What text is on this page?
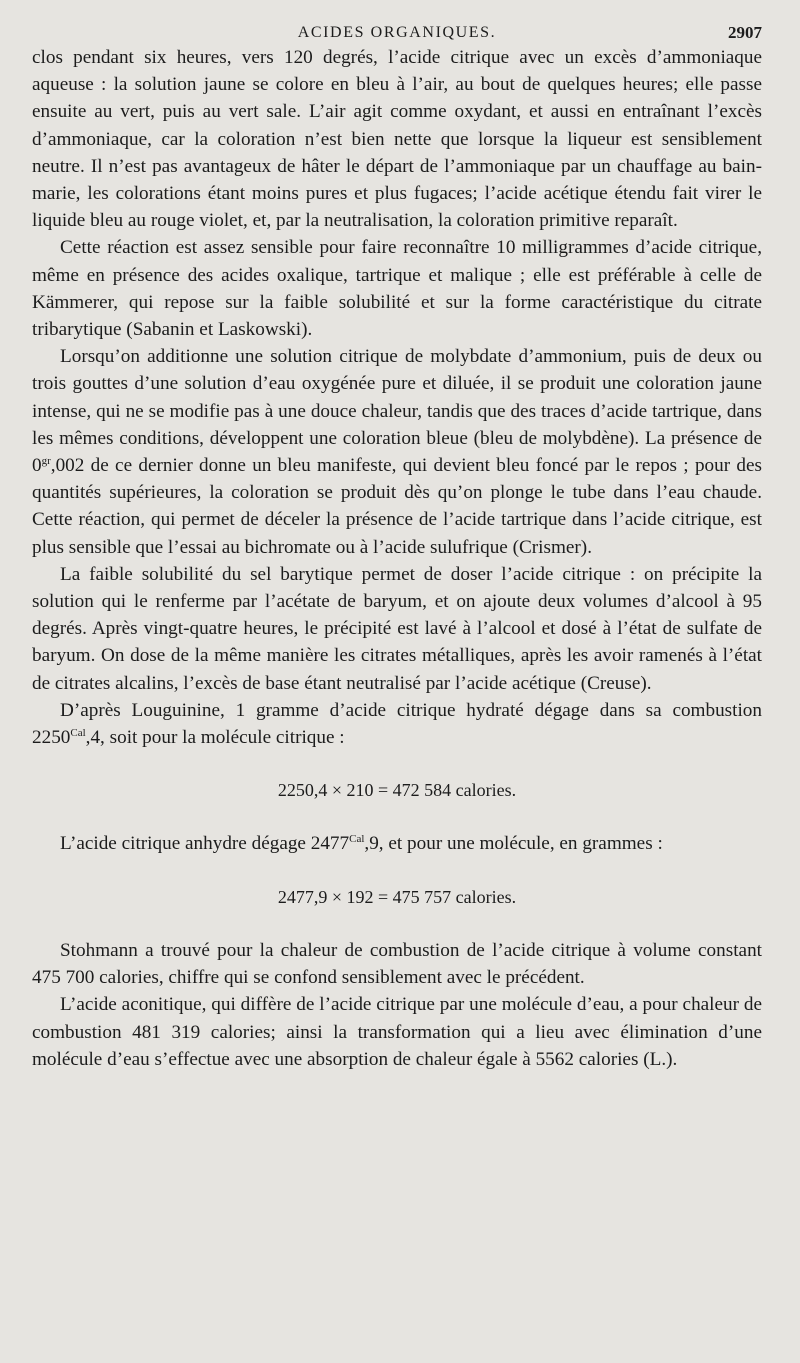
ACIDES ORGANIQUES.	2907

clos pendant six heures, vers 120 degrés, l’acide citrique avec un excès d’ammoniaque aqueuse : la solution jaune se colore en bleu à l’air, au bout de quelques heures; elle passe ensuite au vert, puis au vert sale. L’air agit comme oxydant, et aussi en entraînant l’excès d’ammoniaque, car la coloration n’est bien nette que lorsque la liqueur est sensiblement neutre. Il n’est pas avantageux de hâter le départ de l’ammoniaque par un chauffage au bain-marie, les colorations étant moins pures et plus fugaces; l’acide acétique étendu fait virer le liquide bleu au rouge violet, et, par la neutralisation, la coloration primitive reparaît.

Cette réaction est assez sensible pour faire reconnaître 10 milligrammes d’acide citrique, même en présence des acides oxalique, tartrique et malique ; elle est préférable à celle de Kämmerer, qui repose sur la faible solubilité et sur la forme caractéristique du citrate tribarytique (Sabanin et Laskowski).

Lorsqu’on additionne une solution citrique de molybdate d’ammonium, puis de deux ou trois gouttes d’une solution d’eau oxygénée pure et diluée, il se produit une coloration jaune intense, qui ne se modifie pas à une douce chaleur, tandis que des traces d’acide tartrique, dans les mêmes conditions, développent une coloration bleue (bleu de molybdène). La présence de $0^{gr},002$ de ce dernier donne un bleu manifeste, qui devient bleu foncé par le repos ; pour des quantités supérieures, la coloration se produit dès qu’on plonge le tube dans l’eau chaude. Cette réaction, qui permet de déceler la présence de l’acide tartrique dans l’acide citrique, est plus sensible que l’essai au bichromate ou à l’acide sulufrique (Crismer).

La faible solubilité du sel barytique permet de doser l’acide citrique : on précipite la solution qui le renferme par l’acétate de baryum, et on ajoute deux volumes d’alcool à 95 degrés. Après vingt-quatre heures, le précipité est lavé à l’alcool et dosé à l’état de sulfate de baryum. On dose de la même manière les citrates métalliques, après les avoir ramenés à l’état de citrates alcalins, l’excès de base étant neutralisé par l’acide acétique (Creuse).

D’après Louguinine, 1 gramme d’acide citrique hydraté dégage dans sa combustion $2250^{Cal},4$, soit pour la molécule citrique :

2250,4 × 210 = 472 584 calories.

L’acide citrique anhydre dégage $2477^{Cal},9$, et pour une molécule, en grammes :

2477,9 × 192 = 475 757 calories.

Stohmann a trouvé pour la chaleur de combustion de l’acide citrique à volume constant 475 700 calories, chiffre qui se confond sensiblement avec le précédent.

L’acide aconitique, qui diffère de l’acide citrique par une molécule d’eau, a pour chaleur de combustion 481 319 calories; ainsi la transformation qui a lieu avec élimination d’une molécule d’eau s’effectue avec une absorption de chaleur égale à 5562 calories (L.).
